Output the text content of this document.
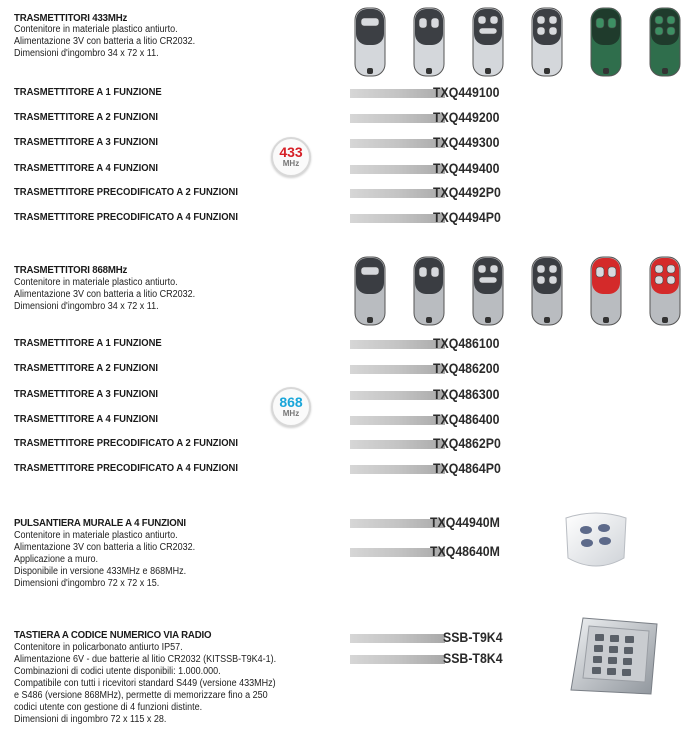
TRASMETTITORI 433MHz
Contenitore in materiale plastico antiurto.
Alimentazione 3V con batteria a litio CR2032.
Dimensioni d'ingombro 34 x 72 x 11.
TRASMETTITORE A 1 FUNZIONE	TXQ449100
TRASMETTITORE A 2 FUNZIONI	TXQ449200
TRASMETTITORE A 3 FUNZIONI	TXQ449300
TRASMETTITORE A 4 FUNZIONI	TXQ449400
TRASMETTITORE PRECODIFICATO A 2 FUNZIONI	TXQ4492P0
TRASMETTITORE PRECODIFICATO A 4 FUNZIONI	TXQ4494P0
433
MHz
TRASMETTITORI 868MHz
Contenitore in materiale plastico antiurto.
Alimentazione 3V con batteria a litio CR2032.
Dimensioni d'ingombro 34 x 72 x 11.
TRASMETTITORE A 1 FUNZIONE	TXQ486100
TRASMETTITORE A 2 FUNZIONI	TXQ486200
TRASMETTITORE A 3 FUNZIONI	TXQ486300
TRASMETTITORE A 4 FUNZIONI	TXQ486400
TRASMETTITORE PRECODIFICATO A 2 FUNZIONI	TXQ4862P0
TRASMETTITORE PRECODIFICATO A 4 FUNZIONI	TXQ4864P0
868
MHz
PULSANTIERA MURALE A 4 FUNZIONI
Contenitore in materiale plastico antiurto.
Alimentazione 3V con batteria a litio CR2032.
Applicazione a muro.
Disponibile in versione 433MHz e 868MHz.
Dimensioni d'ingombro 72 x 72 x 15.
TXQ44940M
TXQ48640M
TASTIERA A CODICE NUMERICO VIA RADIO
Contenitore in policarbonato antiurto IP57.
Alimentazione 6V - due batterie al litio CR2032 (KITSSB-T9K4-1).
Combinazioni di codici utente disponibili: 1.000.000.
Compatibile con tutti i ricevitori standard S449 (versione 433MHz)
e S486 (versione 868MHz), permette di memorizzare fino a 250
codici utente con gestione di 4 funzioni distinte.
Dimensioni di ingombro 72 x 115 x 28.
SSB-T9K4
SSB-T8K4
